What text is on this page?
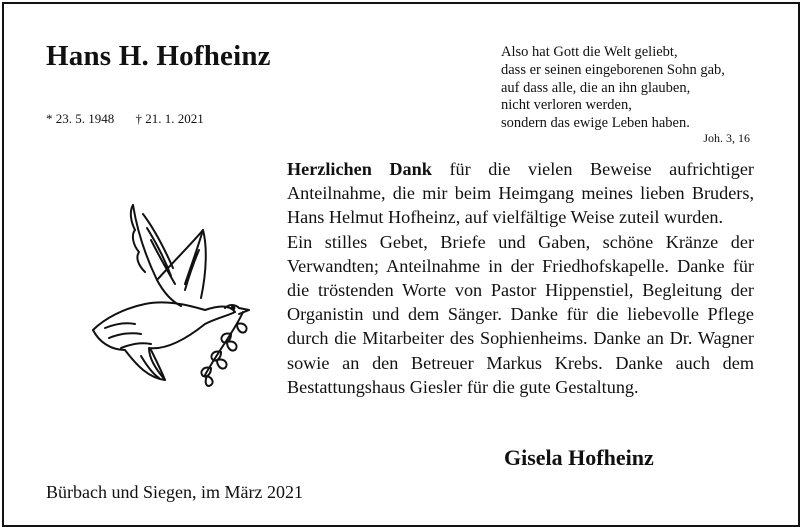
Hans H. Hofheinz
* 23. 5. 1948 † 21. 1. 2021
Also hat Gott die Welt geliebt,
dass er seinen eingeborenen Sohn gab,
auf dass alle, die an ihn glauben,
nicht verloren werden,
sondern das ewige Leben haben.
Joh. 3, 16

Herzlichen Dank für die vielen Beweise aufrichtiger Anteilnahme, die mir beim Heimgang meines lieben Bruders, Hans Helmut Hofheinz, auf vielfältige Weise zuteil wurden.

Ein stilles Gebet, Briefe und Gaben, schöne Kränze der Verwandten; Anteilnahme in der Friedhofskapelle. Danke für die tröstenden Worte von Pastor Hippenstiel, Begleitung der Organistin und dem Sänger. Danke für die liebevolle Pflege durch die Mitarbeiter des Sophienheims. Danke an Dr. Wagner sowie an den Betreuer Markus Krebs. Danke auch dem Bestattungshaus Giesler für die gute Gestaltung.

Gisela Hofheinz
Bürbach und Siegen, im März 2021
